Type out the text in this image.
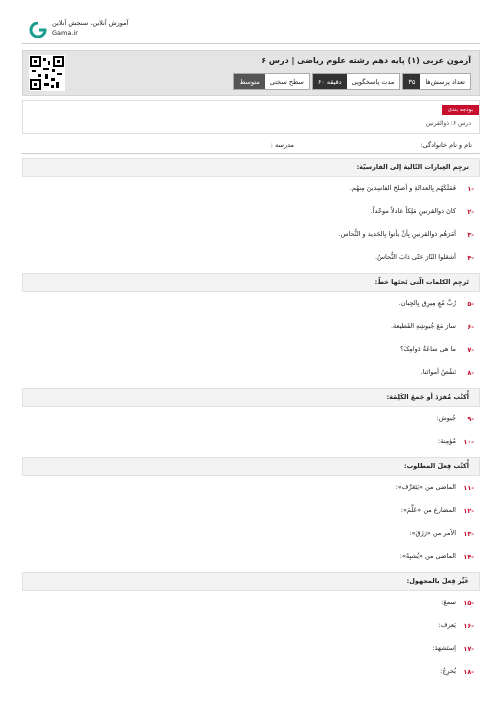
آموزش آنلاین، سنجش آنلاین
Gama.ir
آزمون عربی (۱) پایه دهم رشته علوم ریاضی | درس ۶
تعداد پرسش‌ها
۳۵
مدت پاسخگویی
۶۰ دقیقه
سطح سختی
متوسط
بودجه بندی
درس ۶: ذوالقرنین
نام و نام خانوادگی:
مدرسه :
ترجِم العِبارات التّالیة إلی الفارسیّة:
۱-
فَمَلَکَهُم بِالعدالةِ و أصلحَ الفاسِدینَ مِنهُم.
۲-
کانَ ذوالقرنینِ مَلِکاً عادلاً موحّداً.
۳-
أمَرَهُم ذوالقرنینِ بِأنْ یأتوا بِالحَدید و النُّحاس.
۴-
أشعَلوا النّارَ حَتّی ذابَ النُّحاسُ.
تَرجِم الکلمات الّتی تَحتَها خطّ:
۵-
رُبَّ مُعِ مِیرِق بِالجِبان.
۶-
سارَ مَعَ جُیوشِهِ القَطیعة.
۷-
ما هی ساعَةُ دَوامِکَ؟
۸-
نَنقُصُ أمواتَنا.
أُکتُب مُفرَدَ أو جَمعَ الکَلِمَة:
۹-
جُیوش:
۱۰-
مُؤمِنة:
أُکتُب فِعلَ المطلوب:
۱۱-
الماضی من «یَتَعَرَّف»:
۱۲-
المضارع من «عَلَّمَ»:
۱۳-
الأمر من «رَزَقَ»:
۱۴-
الماضی من «یُشبِهُ»:
غَیِّر فِعلَ بالمجهول:
۱۵-
سمعَ:
۱۶-
یَعرف:
۱۷-
اِستَشهَدَ:
۱۸-
یُخرِجُ:
